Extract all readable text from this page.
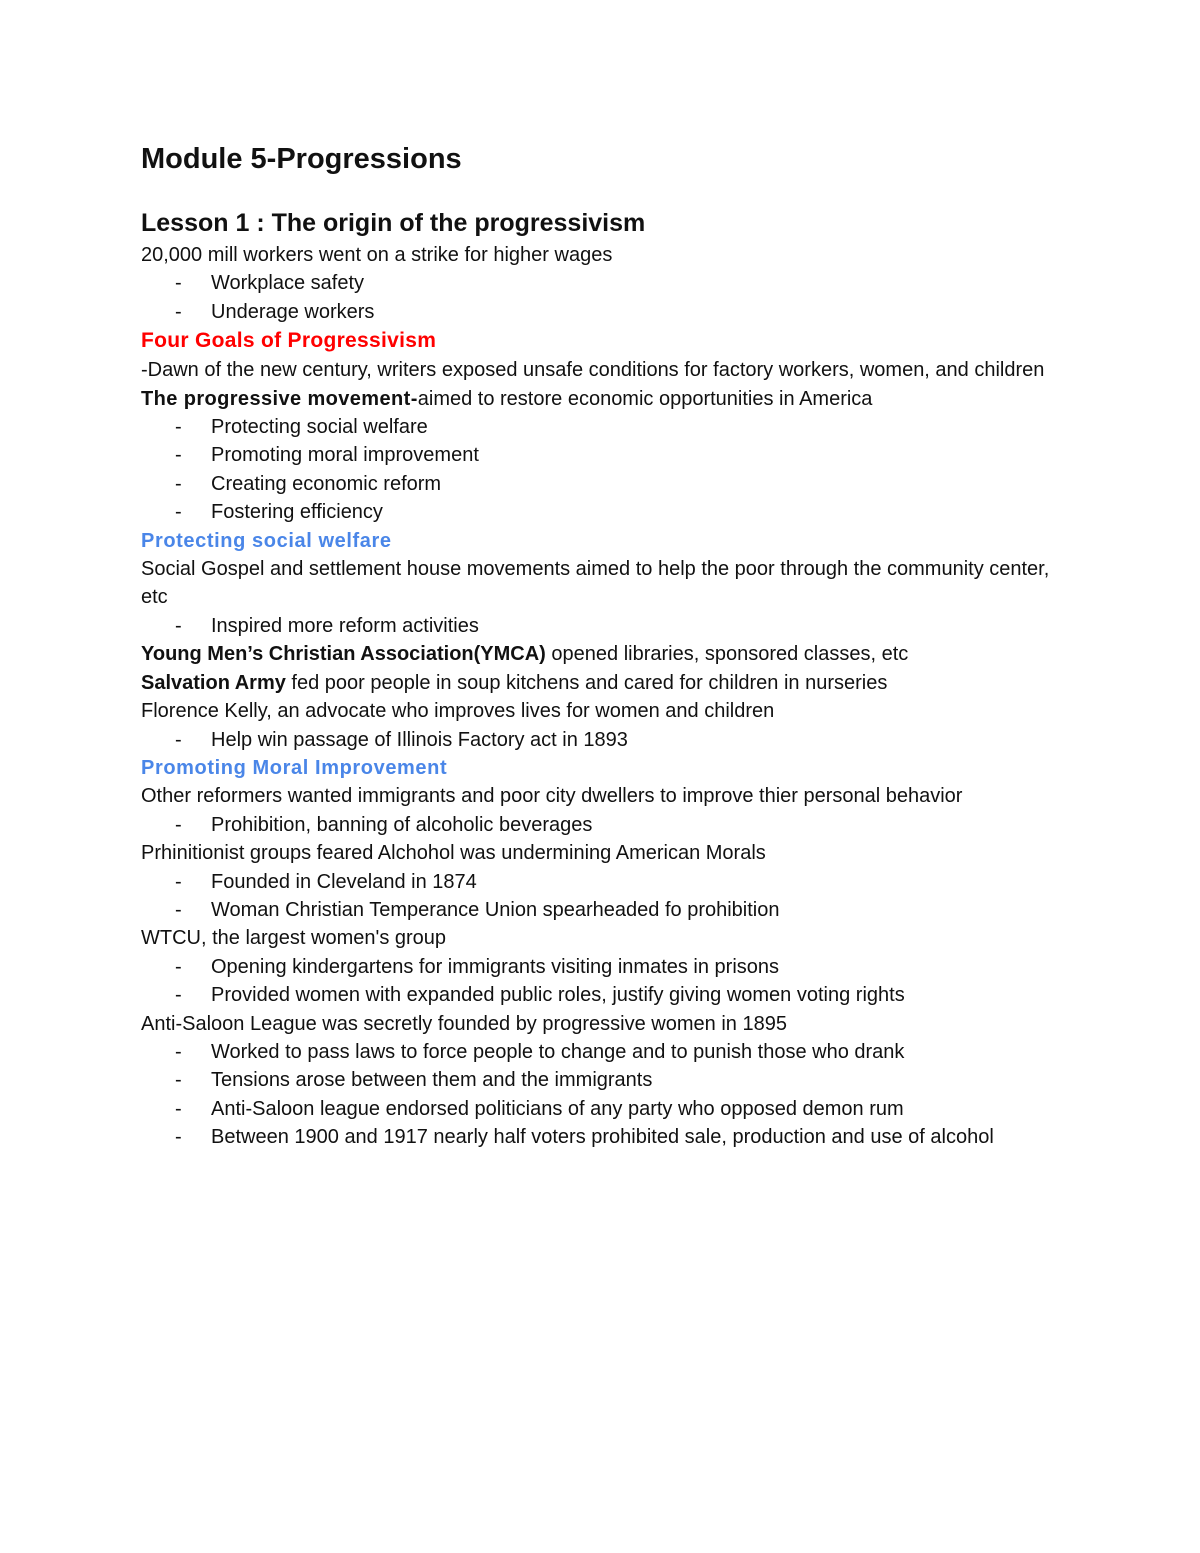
Module 5-Progressions
Lesson 1 : The origin of the progressivism

20,000 mill workers went on a strike for higher wages

- Workplace safety

- Underage workers

Four Goals of Progressivism

-Dawn of the new century, writers exposed unsafe conditions for factory workers, women, and children

The progressive movement-aimed to restore economic opportunities in America

- Protecting social welfare

- Promoting moral improvement

- Creating economic reform

- Fostering efficiency

Protecting social welfare

Social Gospel and settlement house movements aimed to help the poor through the community center, etc

- Inspired more reform activities

Young Men’s Christian Association(YMCA) opened libraries, sponsored classes, etc

Salvation Army fed poor people in soup kitchens and cared for children in nurseries

Florence Kelly, an advocate who improves lives for women and children

- Help win passage of Illinois Factory act in 1893

Promoting Moral Improvement

Other reformers wanted immigrants and poor city dwellers to improve thier personal behavior

- Prohibition, banning of alcoholic beverages

Prhinitionist groups feared Alchohol was undermining American Morals

- Founded in Cleveland in 1874

- Woman Christian Temperance Union spearheaded fo prohibition

WTCU, the largest women's group

- Opening kindergartens for immigrants visiting inmates in prisons

- Provided women with expanded public roles, justify giving women voting rights

Anti-Saloon League was secretly founded by progressive women in 1895

- Worked to pass laws to force people to change and to punish those who drank

- Tensions arose between them and the immigrants

- Anti-Saloon league endorsed politicians of any party who opposed demon rum

- Between 1900 and 1917 nearly half voters prohibited sale, production and use of alcohol
